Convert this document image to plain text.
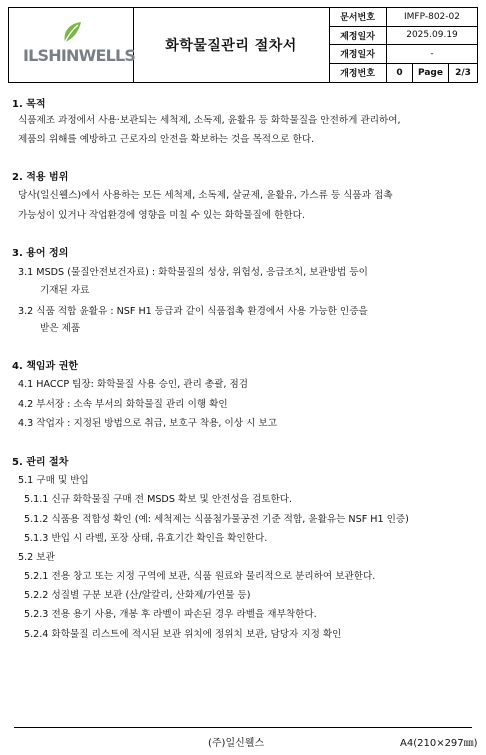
ILSHINWELLS	화학물질관리 절차서
문서번호	IMFP-802-02
제정일자	2025.09.19
개정일자	-
개정번호	0	Page	2/3
1. 목적
식품제조 과정에서 사용·보관되는 세척제, 소독제, 윤활유 등 화학물질을 안전하게 관리하여,
제품의 위해를 예방하고 근로자의 안전을 확보하는 것을 목적으로 한다.
2. 적용 범위
당사(일신웰스)에서 사용하는 모든 세척제, 소독제, 살균제, 윤활유, 가스류 등 식품과 접촉
가능성이 있거나 작업환경에 영향을 미칠 수 있는 화학물질에 한한다.
3. 용어 정의
3.1 MSDS (물질안전보건자료) : 화학물질의 성상, 위험성, 응급조치, 보관방법 등이
기재된 자료
3.2 식품 적합 윤활유 : NSF H1 등급과 같이 식품접촉 환경에서 사용 가능한 인증을
받은 제품
4. 책임과 권한
4.1 HACCP 팀장: 화학물질 사용 승인, 관리 총괄, 점검
4.2 부서장 : 소속 부서의 화학물질 관리 이행 확인
4.3 작업자 : 지정된 방법으로 취급, 보호구 착용, 이상 시 보고
5. 관리 절차
5.1 구매 및 반입
5.1.1 신규 화학물질 구매 전 MSDS 확보 및 안전성을 검토한다.
5.1.2 식품용 적합성 확인 (예: 세척제는 식품첨가물공전 기준 적합, 윤활유는 NSF H1 인증)
5.1.3 반입 시 라벨, 포장 상태, 유효기간 확인을 확인한다.
5.2 보관
5.2.1 전용 창고 또는 지정 구역에 보관, 식품 원료와 물리적으로 분리하여 보관한다.
5.2.2 성질별 구분 보관 (산/알칼리, 산화제/가연물 등)
5.2.3 전용 용기 사용, 개봉 후 라벨이 파손된 경우 라벨을 재부착한다.
5.2.4 화학물질 리스트에 적시된 보관 위치에 정위치 보관, 담당자 지정 확인
(주)일신웰스	A4(210×297㎜)
